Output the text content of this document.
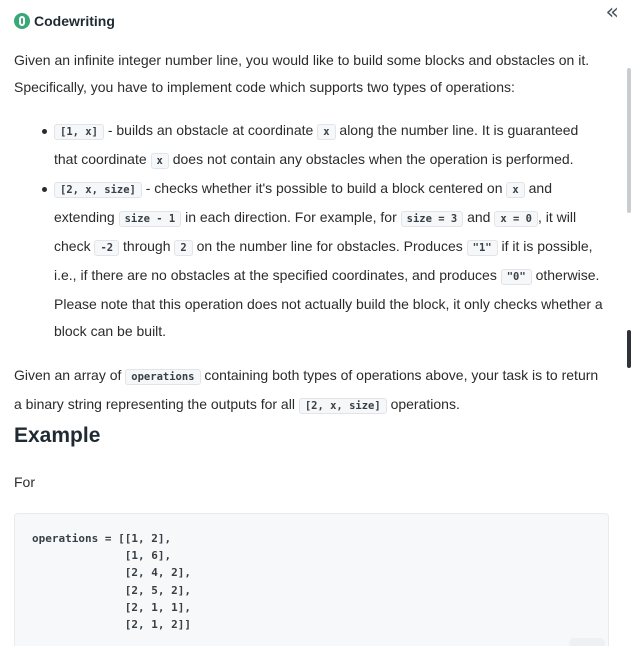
Codewriting	«

Given an infinite integer number line, you would like to build some blocks and obstacles on it. Specifically, you have to implement code which supports two types of operations:

[1, x] - builds an obstacle at coordinate x along the number line. It is guaranteed that coordinate x does not contain any obstacles when the operation is performed.
[2, x, size] - checks whether it's possible to build a block centered on x and extending size - 1 in each direction. For example, for size = 3 and x = 0 , it will check -2 through 2 on the number line for obstacles. Produces "1" if it is possible, i.e., if there are no obstacles at the specified coordinates, and produces "0" otherwise. Please note that this operation does not actually build the block, it only checks whether a block can be built.

Given an array of operations containing both types of operations above, your task is to return a binary string representing the outputs for all [2, x, size] operations.

Example
For
operations = [[1, 2],
[1, 6],
[2, 4, 2],
[2, 5, 2],
[2, 1, 1],
[2, 1, 2]]
